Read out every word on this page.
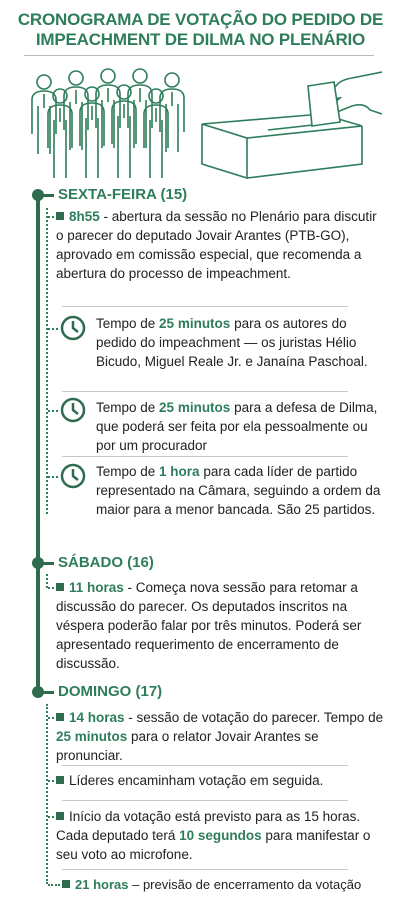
CRONOGRAMA DE VOTAÇÃO DO PEDIDO DE
IMPEACHMENT DE DILMA NO PLENÁRIO
SEXTA-FEIRA (15)
8h55 - abertura da sessão no Plenário para discutir o parecer do deputado Jovair Arantes (PTB-GO), aprovado em comissão especial, que recomenda a abertura do processo de impeachment.
Tempo de 25 minutos para os autores do pedido do impeachment — os juristas Hélio Bicudo, Miguel Reale Jr. e Janaína Paschoal.
Tempo de 25 minutos para a defesa de Dilma, que poderá ser feita por ela pessoalmente ou por um procurador
Tempo de 1 hora para cada líder de partido representado na Câmara, seguindo a ordem da maior para a menor bancada. São 25 partidos.
SÁBADO (16)
11 horas - Começa nova sessão para retomar a discussão do parecer. Os deputados inscritos na véspera poderão falar por três minutos. Poderá ser apresentado requerimento de encerramento de discussão.
DOMINGO (17)
14 horas - sessão de votação do parecer. Tempo de 25 minutos para o relator Jovair Arantes se pronunciar.
Líderes encaminham votação em seguida.
Início da votação está previsto para as 15 horas. Cada deputado terá 10 segundos para manifestar o seu voto ao microfone.
21 horas – previsão de encerramento da votação
